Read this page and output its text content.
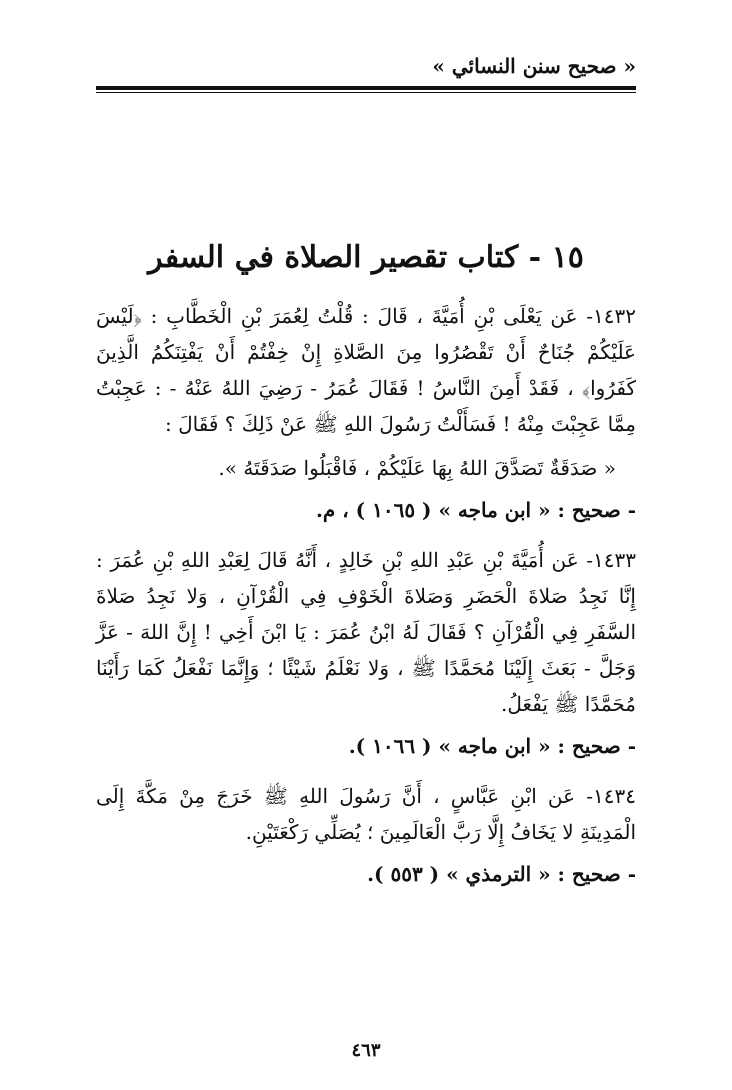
« صحيح سنن النسائي »
١٥ - كتاب تقصير الصلاة في السفر

١٤٣٢- عَن يَعْلَى بْنِ أُمَيَّةَ ، قَالَ : قُلْتُ لِعُمَرَ بْنِ الْخَطَّابِ : ﴿لَيْسَ عَلَيْكُمْ جُنَاحٌ أَنْ تَقْصُرُوا مِنَ الصَّلاةِ إِنْ خِفْتُمْ أَنْ يَفْتِنَكُمُ الَّذِينَ كَفَرُوا﴾ ، فَقَدْ أَمِنَ النَّاسُ ! فَقَالَ عُمَرُ - رَضِيَ اللهُ عَنْهُ - : عَجِبْتُ مِمَّا عَجِبْتَ مِنْهُ ! فَسَأَلْتُ رَسُولَ اللهِ ﷺ عَنْ ذَلِكَ ؟ فَقَالَ :

« صَدَقَةٌ تَصَدَّقَ اللهُ بِهَا عَلَيْكُمْ ، فَاقْبَلُوا صَدَقَتَهُ ».

- صحيح : « ابن ماجه » ( ١٠٦٥ ) ، م.

١٤٣٣- عَن أُمَيَّةَ بْنِ عَبْدِ اللهِ بْنِ خَالِدٍ ، أَنَّهُ قَالَ لِعَبْدِ اللهِ بْنِ عُمَرَ : إِنَّا نَجِدُ صَلاةَ الْحَضَرِ وَصَلاةَ الْخَوْفِ فِي الْقُرْآنِ ، وَلا نَجِدُ صَلاةَ السَّفَرِ فِي الْقُرْآنِ ؟ فَقَالَ لَهُ ابْنُ عُمَرَ : يَا ابْنَ أَخِي ! إِنَّ اللهَ - عَزَّ وَجَلَّ - بَعَثَ إِلَيْنَا مُحَمَّدًا ﷺ ، وَلا نَعْلَمُ شَيْئًا ؛ وَإِنَّمَا نَفْعَلُ كَمَا رَأَيْنَا مُحَمَّدًا ﷺ يَفْعَلُ.

- صحيح : « ابن ماجه » ( ١٠٦٦ ).

١٤٣٤- عَن ابْنِ عَبَّاسٍ ، أَنَّ رَسُولَ اللهِ ﷺ خَرَجَ مِنْ مَكَّةَ إِلَى الْمَدِينَةِ لا يَخَافُ إِلَّا رَبَّ الْعَالَمِينَ ؛ يُصَلِّي رَكْعَتَيْنِ.

- صحيح : « الترمذي » ( ٥٥٣ ).

٤٦٣
